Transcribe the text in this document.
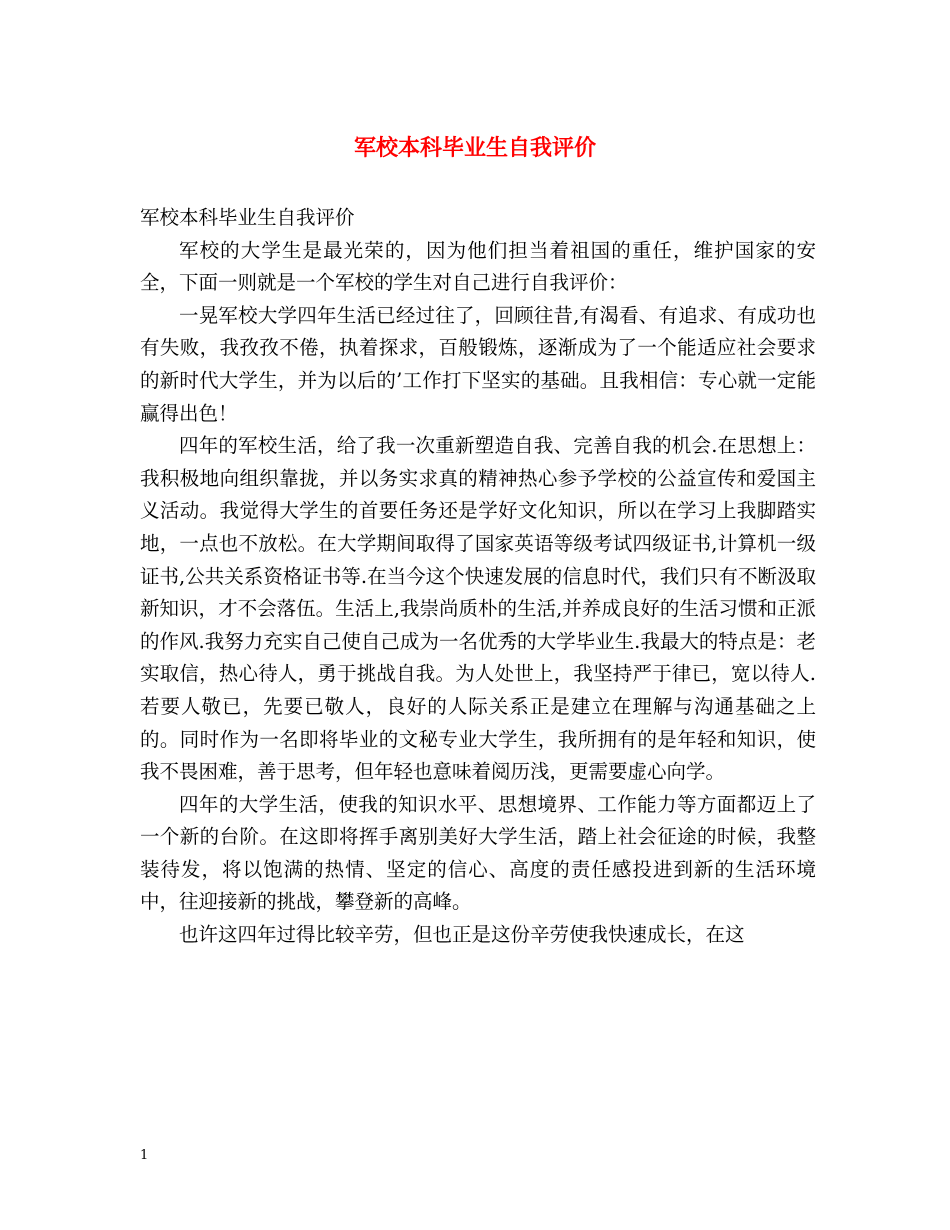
军校本科毕业生自我评价

军校本科毕业生自我评价

军校的大学生是最光荣的，因为他们担当着祖国的重任，维护国家的安全，下面一则就是一个军校的学生对自己进行自我评价：

一晃军校大学四年生活已经过往了，回顾往昔,有渴看、有追求、有成功也有失败，我孜孜不倦，执着探求，百般锻炼，逐渐成为了一个能适应社会要求的新时代大学生，并为以后的’工作打下坚实的基础。且我相信：专心就一定能赢得出色！

四年的军校生活，给了我一次重新塑造自我、完善自我的机会.在思想上：我积极地向组织靠拢，并以务实求真的精神热心参予学校的公益宣传和爱国主义活动。我觉得大学生的首要任务还是学好文化知识，所以在学习上我脚踏实地，一点也不放松。在大学期间取得了国家英语等级考试四级证书,计算机一级证书,公共关系资格证书等.在当今这个快速发展的信息时代，我们只有不断汲取新知识，才不会落伍。生活上,我崇尚质朴的生活,并养成良好的生活习惯和正派的作风.我努力充实自己使自己成为一名优秀的大学毕业生.我最大的特点是：老实取信，热心待人，勇于挑战自我。为人处世上，我坚持严于律已，宽以待人.若要人敬已，先要已敬人，良好的人际关系正是建立在理解与沟通基础之上的。同时作为一名即将毕业的文秘专业大学生，我所拥有的是年轻和知识，使我不畏困难，善于思考，但年轻也意味着阅历浅，更需要虚心向学。

四年的大学生活，使我的知识水平、思想境界、工作能力等方面都迈上了一个新的台阶。在这即将挥手离别美好大学生活，踏上社会征途的时候，我整装待发，将以饱满的热情、坚定的信心、高度的责任感投进到新的生活环境中，往迎接新的挑战，攀登新的高峰。

也许这四年过得比较辛劳，但也正是这份辛劳使我快速成长，在这

1
